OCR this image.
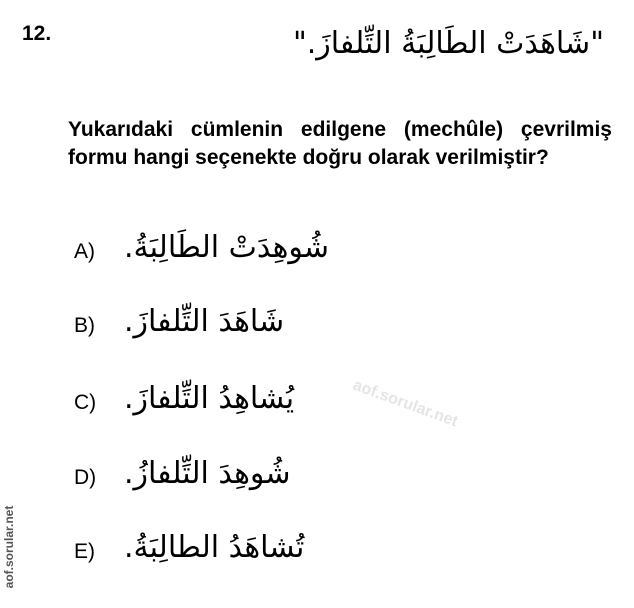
12.	"شَاهَدَتْ الطَالِبَةُ التِّلفازَ."
Yukarıdaki cümlenin edilgene (mechûle) çevrilmiş formu hangi seçenekte doğru olarak verilmiştir?
A) شُوهِدَتْ الطَالِبَةُ.
B) شَاهَدَ التِّلفازَ.
C) يُشاهِدُ التِّلفازَ.
D) شُوهِدَ التِّلفازُ.
E) تُشاهَدُ الطالِبَةُ.
aof.sorular.net
aof.sorular.net
